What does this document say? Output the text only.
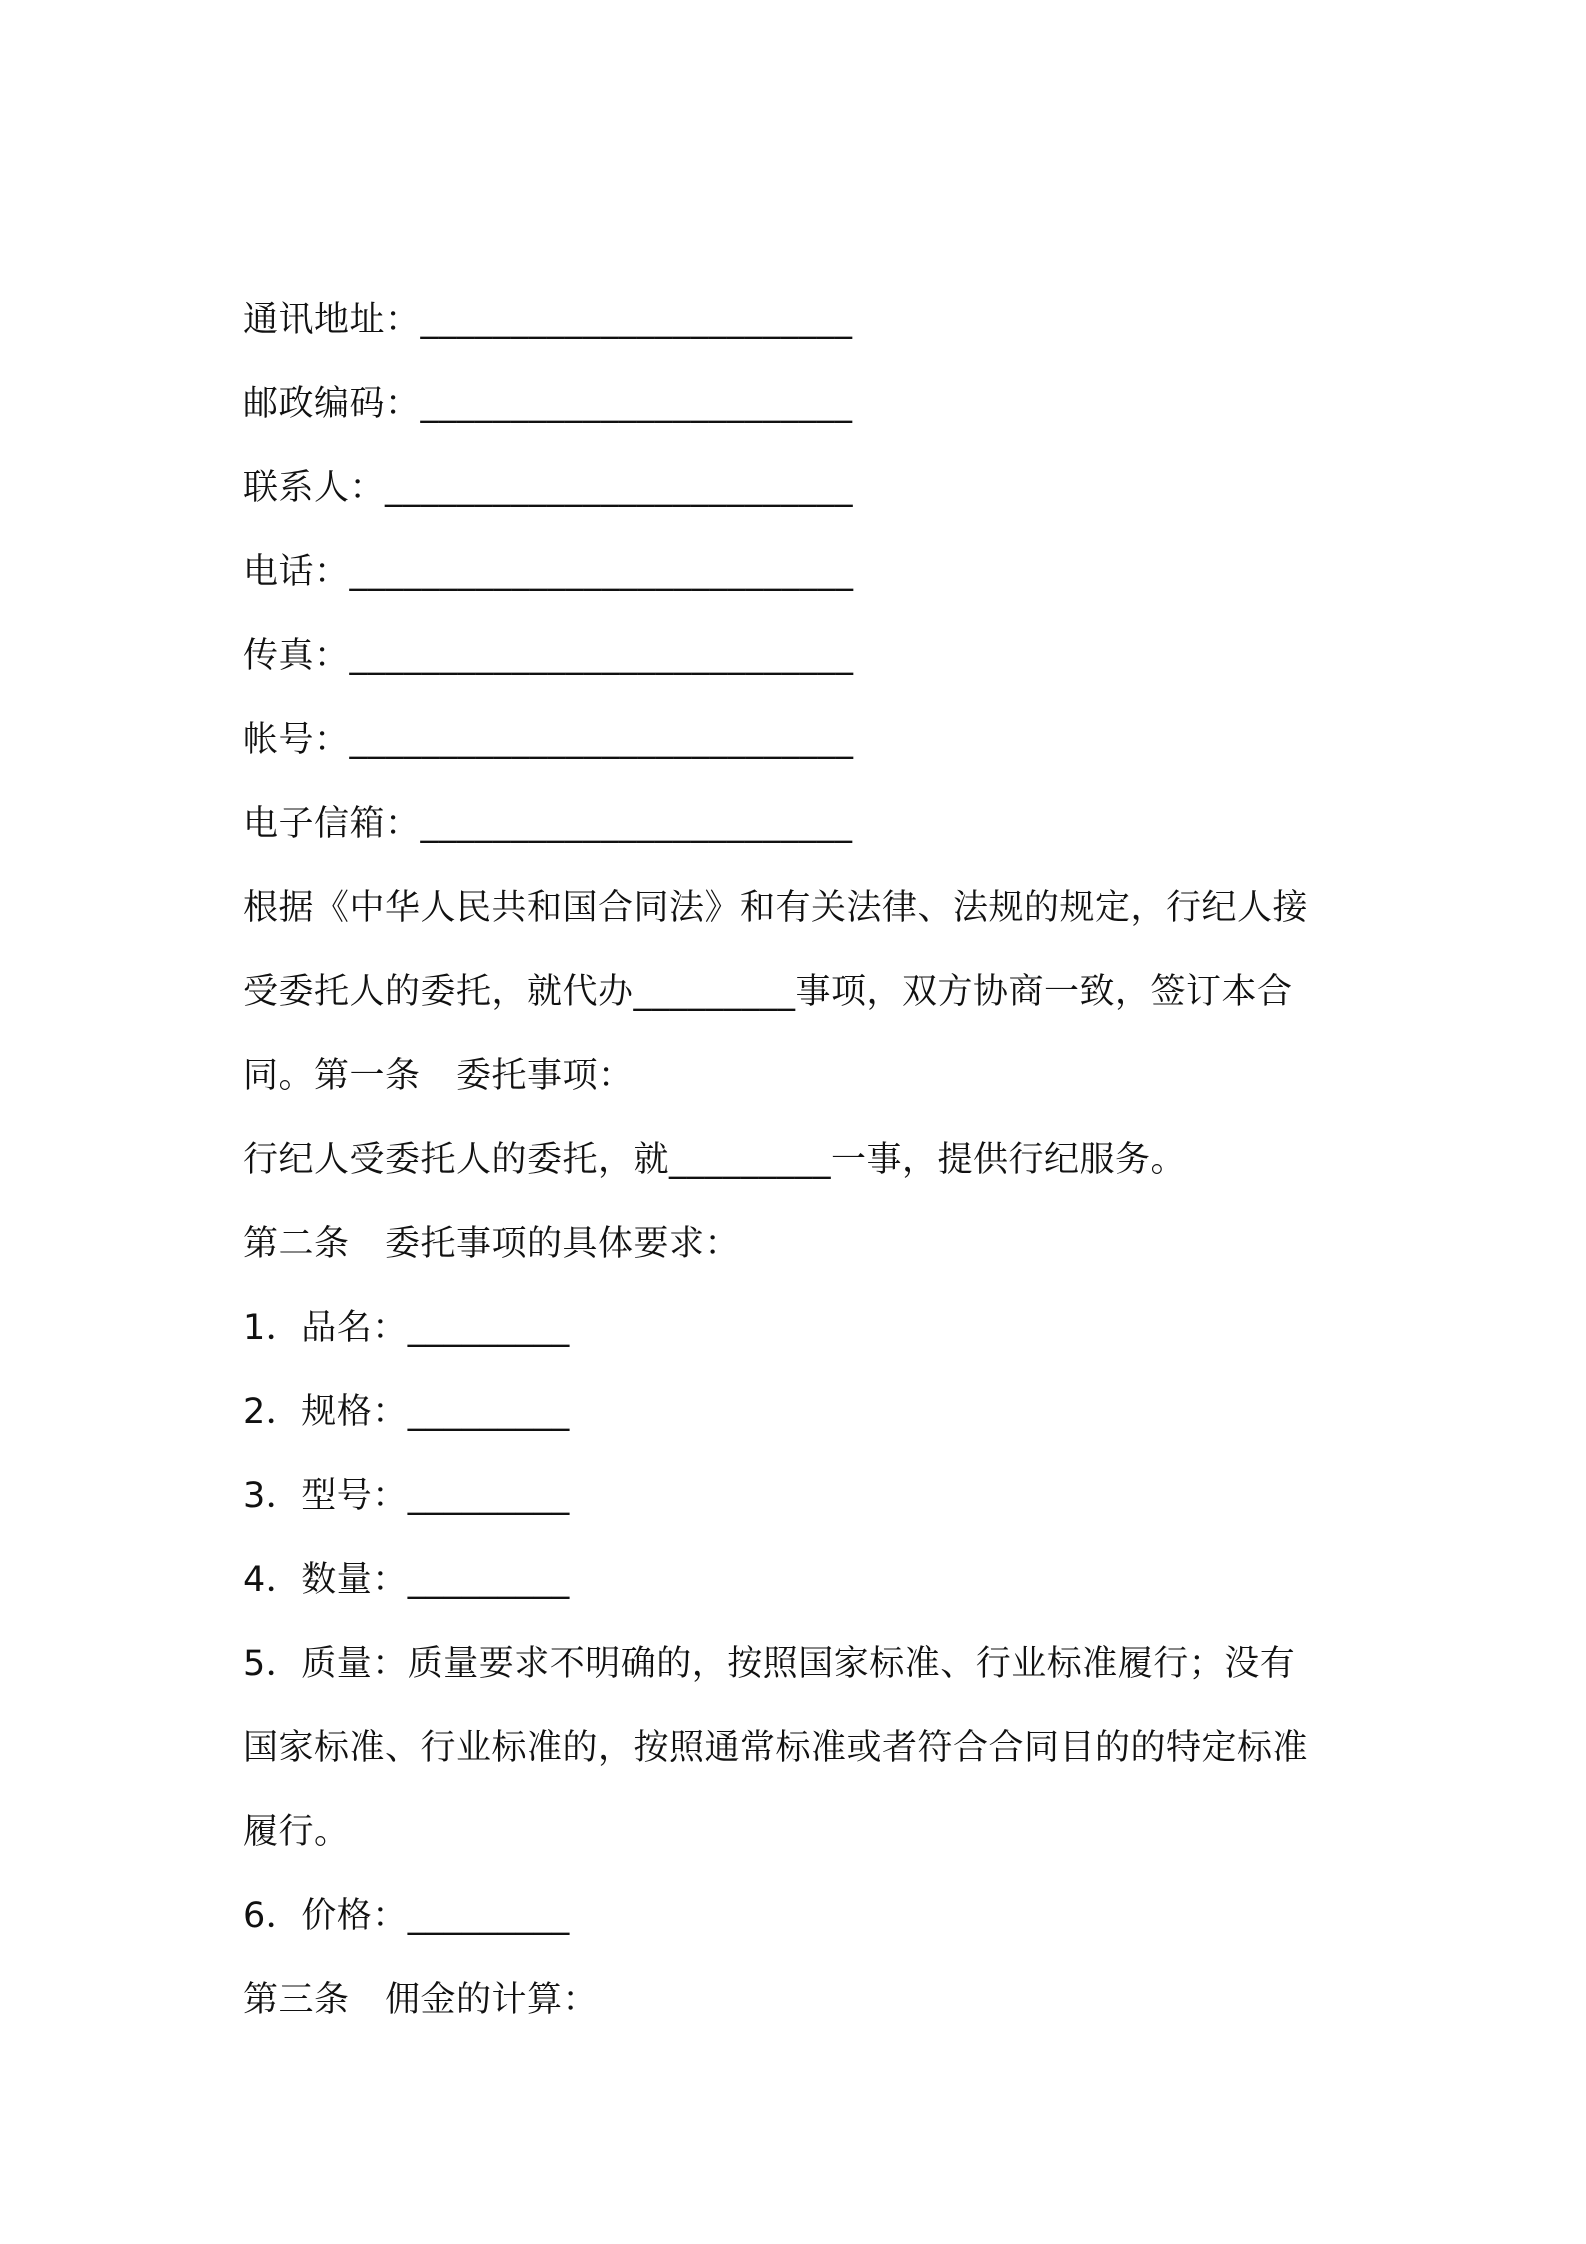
通讯地址：________________________
邮政编码：________________________
联系人：__________________________
电话：____________________________
传真：____________________________
帐号：____________________________
电子信箱：________________________
根据《中华人民共和国合同法》和有关法律、法规的规定，行纪人接
受委托人的委托，就代办_________事项，双方协商一致，签订本合
同。第一条　委托事项：
行纪人受委托人的委托，就_________一事，提供行纪服务。
第二条　委托事项的具体要求：
1．品名：_________
2．规格：_________
3．型号：_________
4．数量：_________
5．质量：质量要求不明确的，按照国家标准、行业标准履行；没有
国家标准、行业标准的，按照通常标准或者符合合同目的的特定标准
履行。
6．价格：_________
第三条　佣金的计算：
